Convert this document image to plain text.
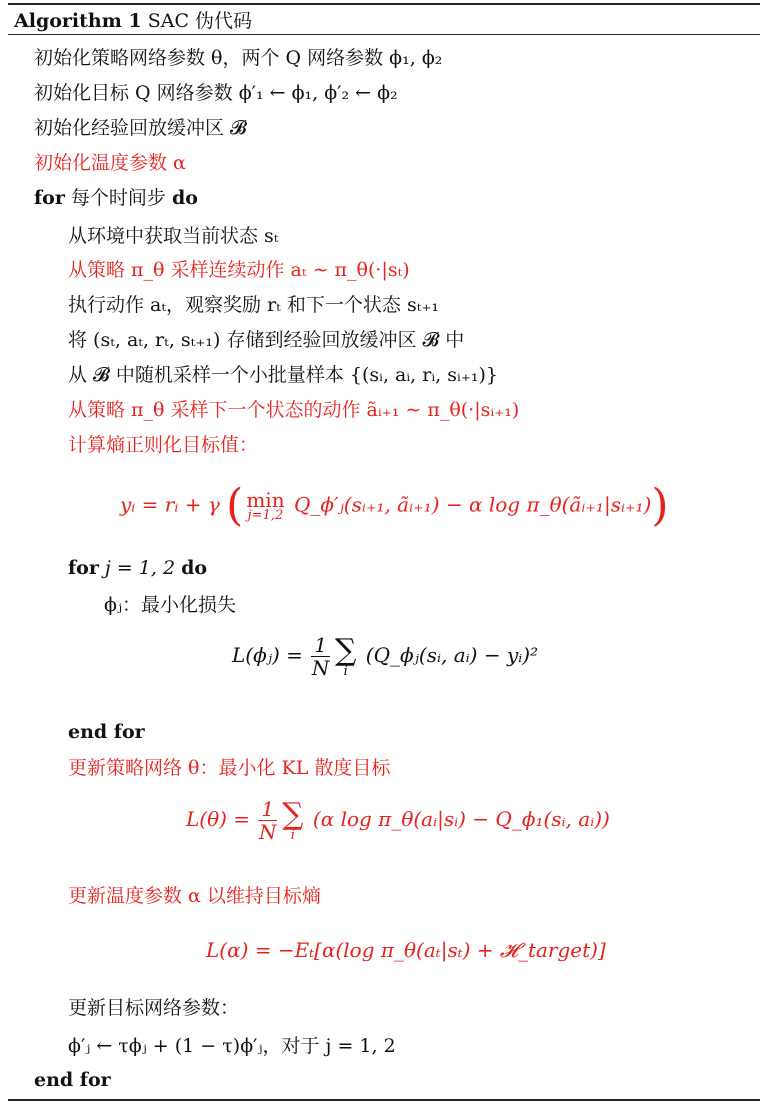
Algorithm 1 SAC 伪代码
初始化策略网络参数 θ，两个 Q 网络参数 ϕ₁, ϕ₂
初始化目标 Q 网络参数 ϕ′₁ ← ϕ₁, ϕ′₂ ← ϕ₂
初始化经验回放缓冲区 𝓑
初始化温度参数 α
for 每个时间步 do
从环境中获取当前状态 sₜ
从策略 π_θ 采样连续动作 aₜ ∼ π_θ(·|sₜ)
执行动作 aₜ，观察奖励 rₜ 和下一个状态 sₜ₊₁
将 (sₜ, aₜ, rₜ, sₜ₊₁) 存储到经验回放缓冲区 𝓑 中
从 𝓑 中随机采样一个小批量样本 {(sᵢ, aᵢ, rᵢ, sᵢ₊₁)}
从策略 π_θ 采样下一个状态的动作 ãᵢ₊₁ ∼ π_θ(·|sᵢ₊₁)
计算熵正则化目标值：
yᵢ = rᵢ + γ ( min
j=1,2 Q_ϕ′ⱼ(sᵢ₊₁, ãᵢ₊₁) − α log π_θ(ãᵢ₊₁|sᵢ₊₁))
for j = 1, 2 do
ϕⱼ：最小化损失
L(ϕⱼ) = $\frac{1}{N}$ ∑
i
(Q_ϕⱼ(sᵢ, aᵢ) − yᵢ)²
end for
更新策略网络 θ：最小化 KL 散度目标
$L(\theta) = \frac{1}{N}$ ∑
i
(α log π_θ(aᵢ|sᵢ) − Q_ϕ₁(sᵢ, aᵢ))
更新温度参数 α 以维持目标熵
L(α) = −Eₜ[α(log π_θ(aₜ|sₜ) + 𝓗_target)]
更新目标网络参数：
ϕ′ⱼ ← τϕⱼ + (1 − τ)ϕ′ⱼ，对于 j = 1, 2
end for
